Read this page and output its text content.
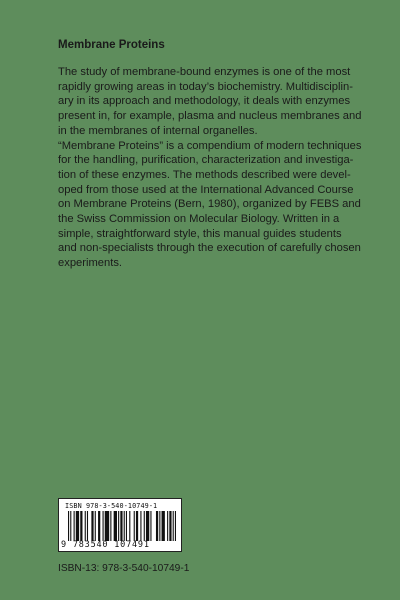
Membrane Proteins
The study of membrane-bound enzymes is one of the most
rapidly growing areas in today’s biochemistry. Multidisciplin-
ary in its approach and methodology, it deals with enzymes
present in, for example, plasma and nucleus membranes and
in the membranes of internal organelles.
“Membrane Proteins” is a compendium of modern techniques
for the handling, purification, characterization and investiga-
tion of these enzymes. The methods described were devel-
oped from those used at the International Advanced Course
on Membrane Proteins (Bern, 1980), organized by FEBS and
the Swiss Commission on Molecular Biology. Written in a
simple, straightforward style, this manual guides students
and non-specialists through the execution of carefully chosen
experiments.
ISBN 978-3-540-10749-1
9 783540 107491
ISBN-13: 978-3-540-10749-1
